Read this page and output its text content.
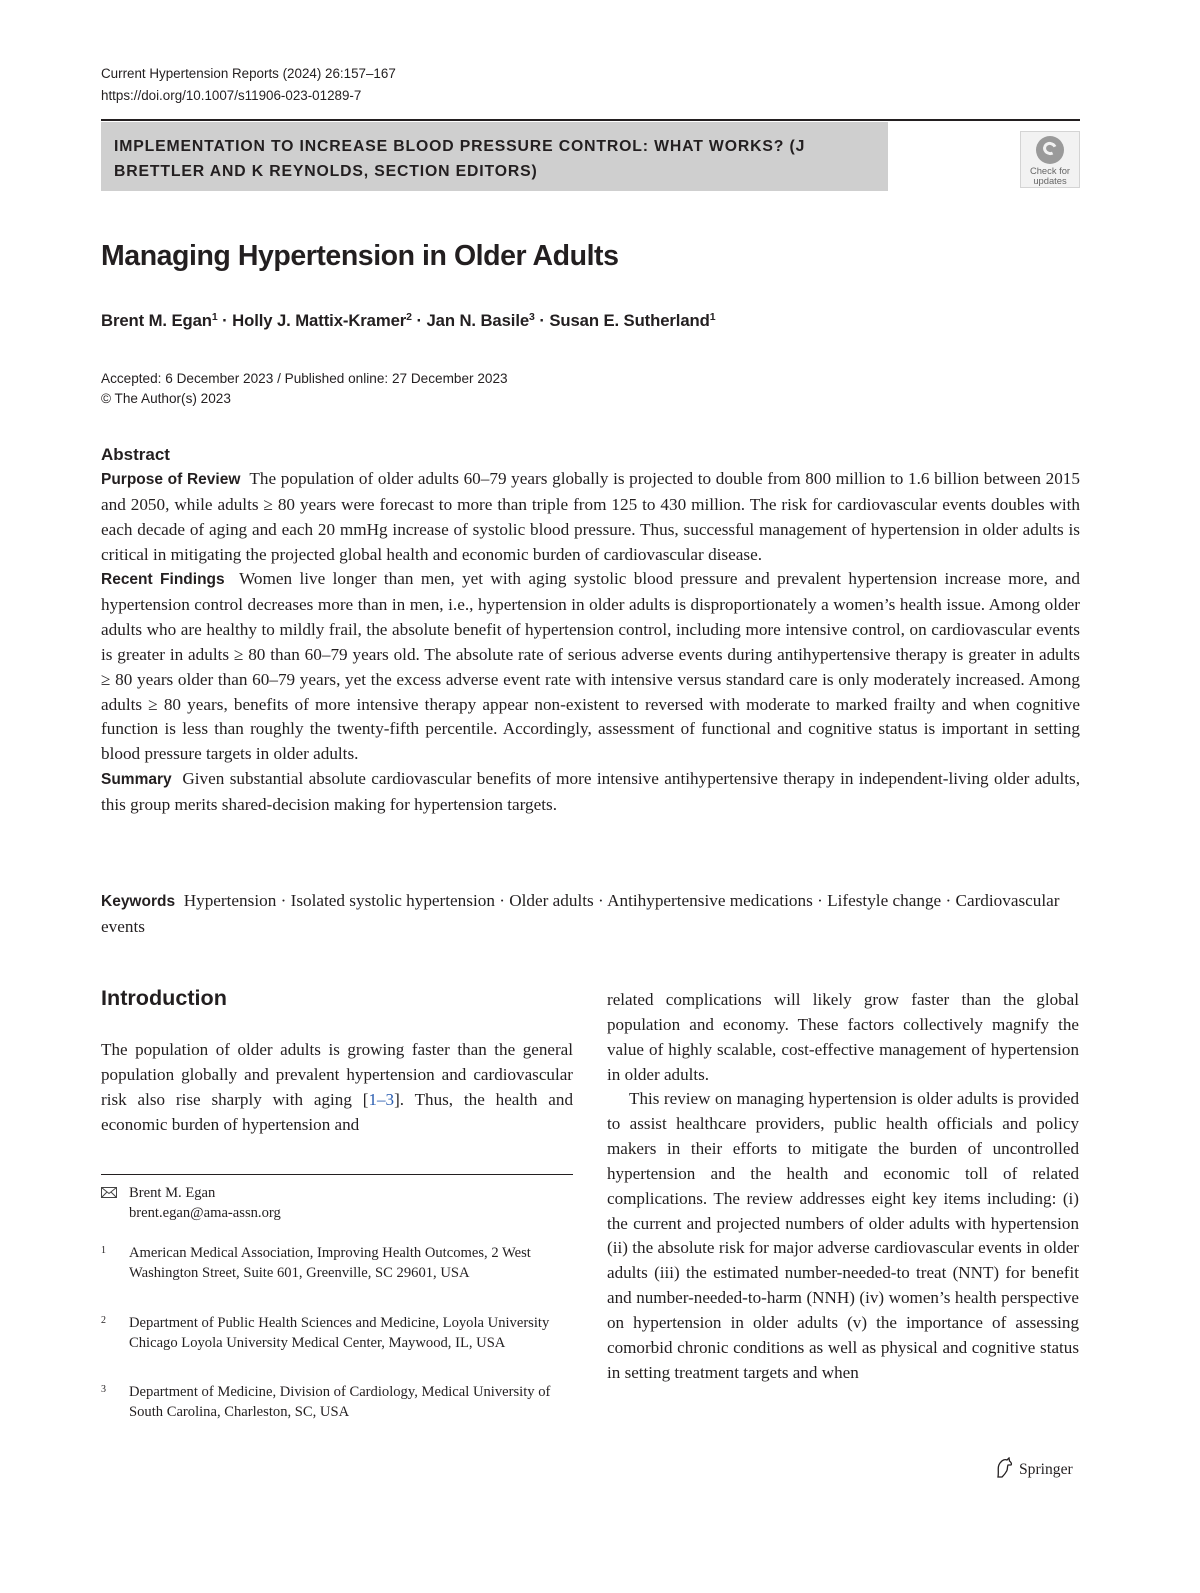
Current Hypertension Reports (2024) 26:157–167
https://doi.org/10.1007/s11906-023-01289-7
IMPLEMENTATION TO INCREASE BLOOD PRESSURE CONTROL: WHAT WORKS? (J BRETTLER AND K REYNOLDS, SECTION EDITORS)	Check for
updates
Managing Hypertension in Older Adults
Brent M. Egan$^1$ · Holly J. Mattix-Kramer$^2$ · Jan N. Basile$^3$ · Susan E. Sutherland$^1$
Accepted: 6 December 2023 / Published online: 27 December 2023
© The Author(s) 2023
Abstract

Purpose of Review The population of older adults 60–79 years globally is projected to double from 800 million to 1.6 billion between 2015 and 2050, while adults ≥ 80 years were forecast to more than triple from 125 to 430 million. The risk for cardiovascular events doubles with each decade of aging and each 20 mmHg increase of systolic blood pressure. Thus, successful management of hypertension in older adults is critical in mitigating the projected global health and economic burden of cardiovascular disease.

Recent Findings Women live longer than men, yet with aging systolic blood pressure and prevalent hypertension increase more, and hypertension control decreases more than in men, i.e., hypertension in older adults is disproportionately a women’s health issue. Among older adults who are healthy to mildly frail, the absolute benefit of hypertension control, including more intensive control, on cardiovascular events is greater in adults ≥ 80 than 60–79 years old. The absolute rate of serious adverse events during antihypertensive therapy is greater in adults ≥ 80 years older than 60–79 years, yet the excess adverse event rate with intensive versus standard care is only moderately increased. Among adults ≥ 80 years, benefits of more intensive therapy appear non-existent to reversed with moderate to marked frailty and when cognitive function is less than roughly the twenty-fifth percentile. Accordingly, assessment of functional and cognitive status is important in setting blood pressure targets in older adults.

Summary Given substantial absolute cardiovascular benefits of more intensive antihypertensive therapy in independent-living older adults, this group merits shared-decision making for hypertension targets.

Keywords Hypertension · Isolated systolic hypertension · Older adults · Antihypertensive medications · Lifestyle change · Cardiovascular events
Introduction

The population of older adults is growing faster than the general population globally and prevalent hypertension and cardiovascular risk also rise sharply with aging [1–3]. Thus, the health and economic burden of hypertension and

Brent M. Egan
brent.egan@ama-assn.org
1 American Medical Association, Improving Health Outcomes, 2 West Washington Street, Suite 601, Greenville, SC 29601, USA
2 Department of Public Health Sciences and Medicine, Loyola University Chicago Loyola University Medical Center, Maywood, IL, USA
3 Department of Medicine, Division of Cardiology, Medical University of South Carolina, Charleston, SC, USA

related complications will likely grow faster than the global population and economy. These factors collectively magnify the value of highly scalable, cost-effective management of hypertension in older adults.

This review on managing hypertension is older adults is provided to assist healthcare providers, public health officials and policy makers in their efforts to mitigate the burden of uncontrolled hypertension and the health and economic toll of related complications. The review addresses eight key items including: (i) the current and projected numbers of older adults with hypertension (ii) the absolute risk for major adverse cardiovascular events in older adults (iii) the estimated number-needed-to treat (NNT) for benefit and number-needed-to-harm (NNH) (iv) women’s health perspective on hypertension in older adults (v) the importance of assessing comorbid chronic conditions as well as physical and cognitive status in setting treatment targets and when

Springer
